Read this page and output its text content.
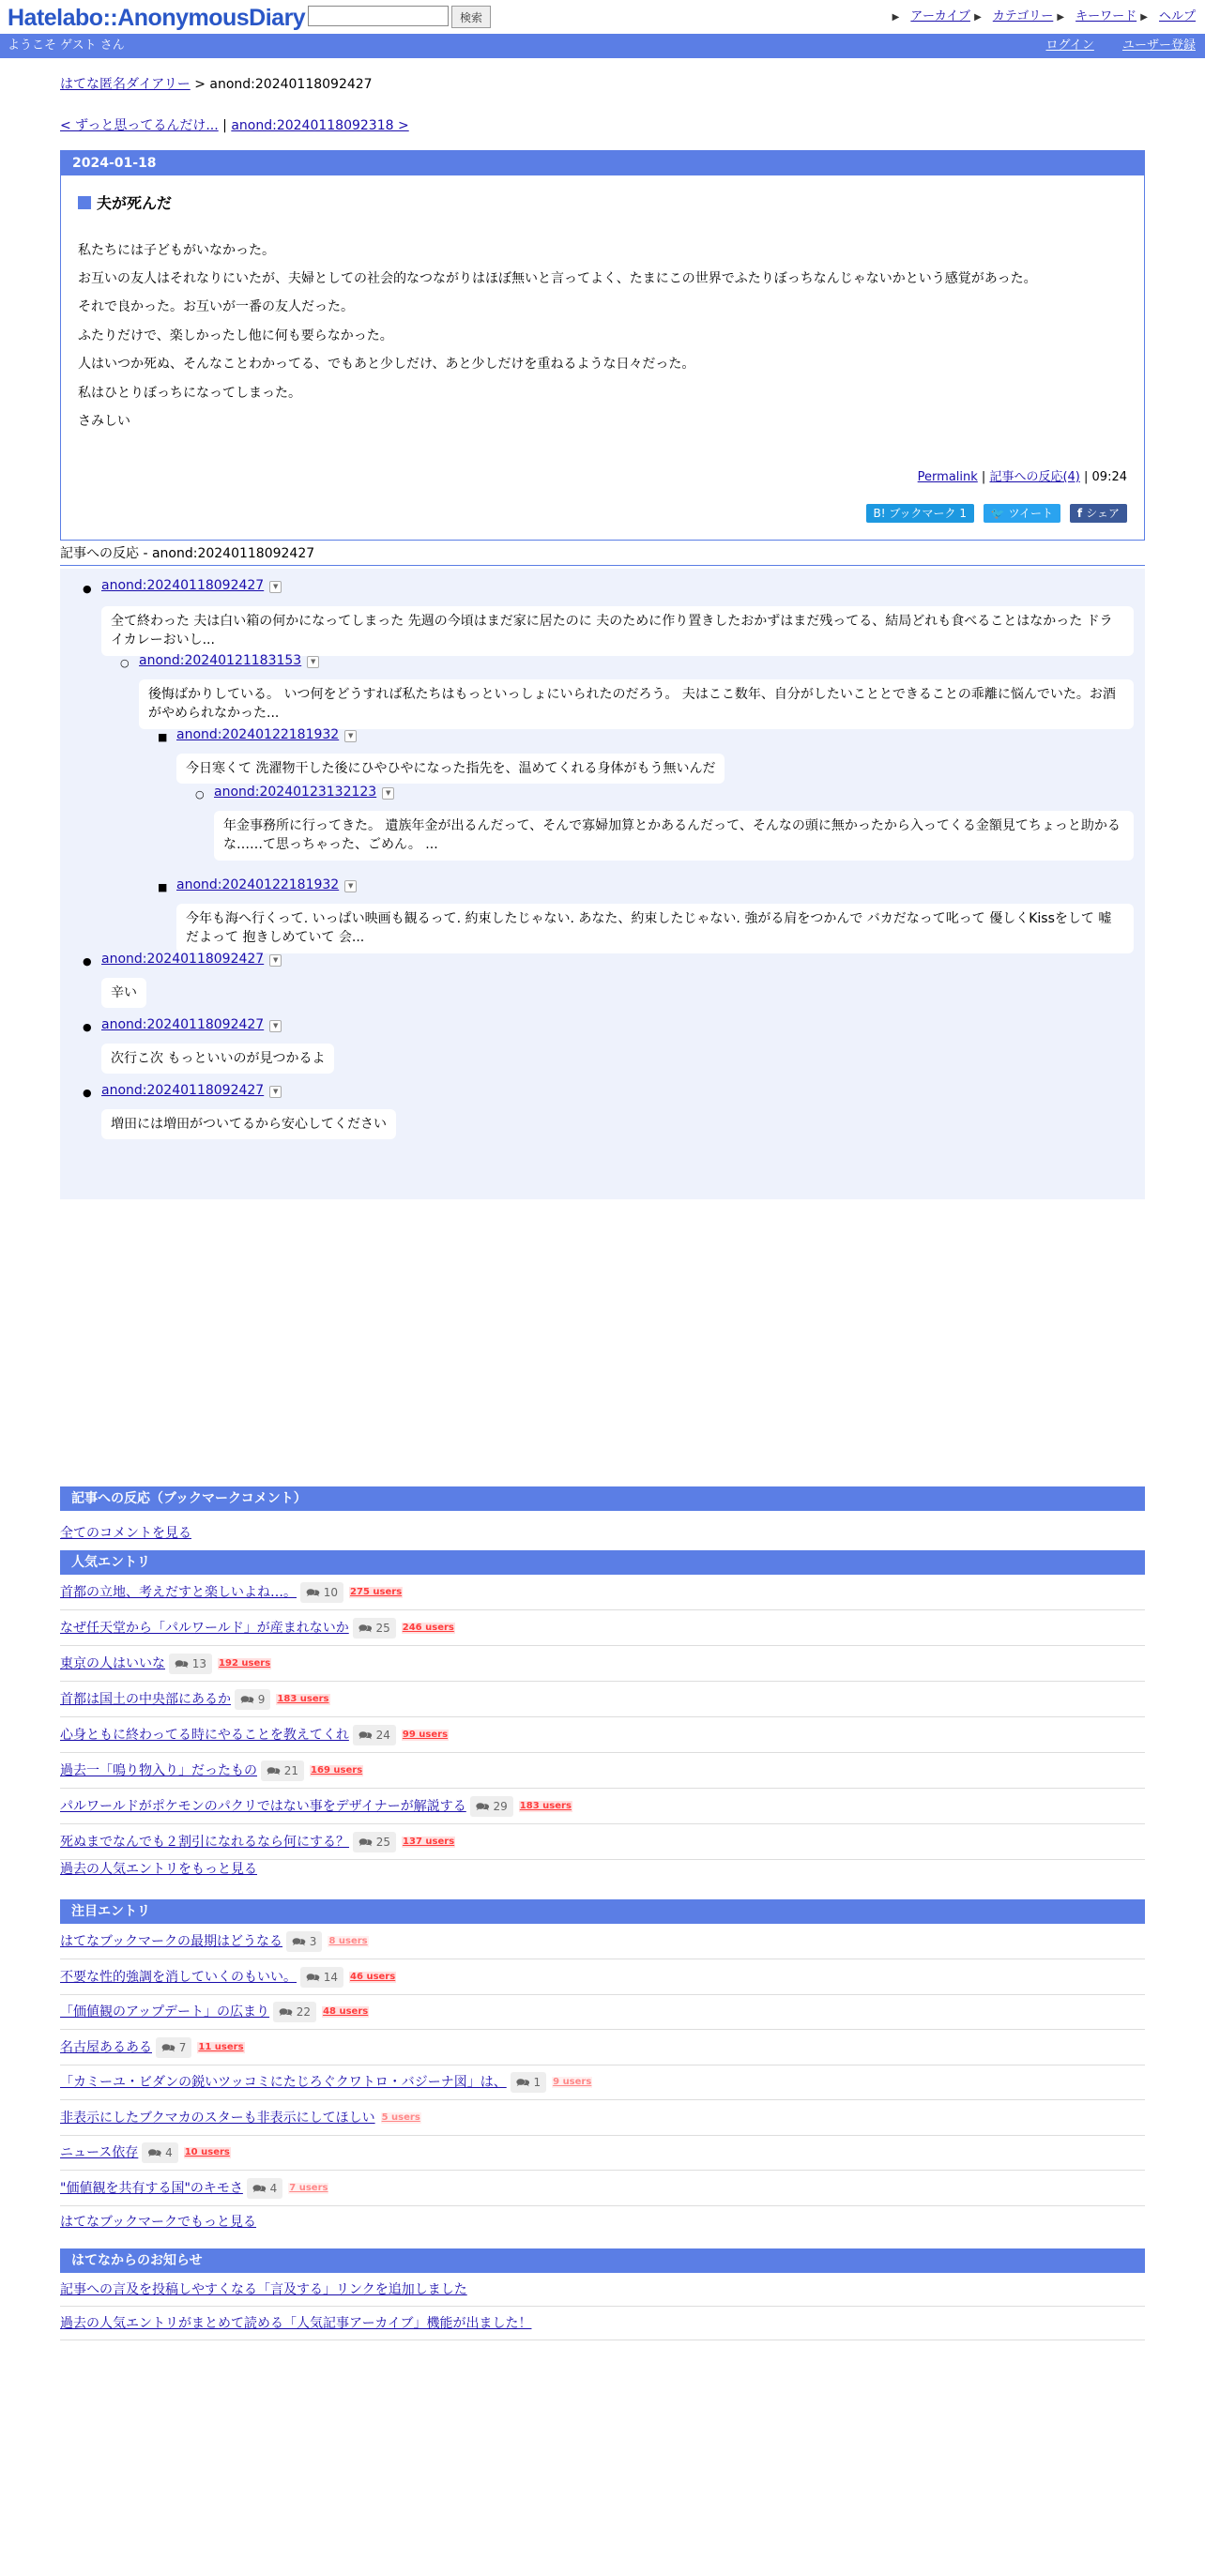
Hatelabo::AnonymousDiary	検索	▶ アーカイブ ▶ カテゴリー ▶ キーワード ▶ ヘルプ
ようこそ ゲスト さん	ログイン ユーザー登録
はてな匿名ダイアリー > anond:20240118092427
< ずっと思ってるんだけ... | anond:20240118092318 >
2024-01-18
夫が死んだ

私たちには子どもがいなかった。

お互いの友人はそれなりにいたが、夫婦としての社会的なつながりはほぼ無いと言ってよく、たまにこの世界でふたりぼっちなんじゃないかという感覚があった。

それで良かった。お互いが一番の友人だった。

ふたりだけで、楽しかったし他に何も要らなかった。

人はいつか死ぬ、そんなことわかってる、でもあと少しだけ、あと少しだけを重ねるような日々だった。

私はひとりぼっちになってしまった。

さみしい

Permalink | 記事への反応(4) | 09:24
B! ブックマーク 1 🐦 ツイート f シェア
記事への反応 - anond:20240118092427
● anond:20240118092427 ▼
全て終わった 夫は白い箱の何かになってしまった 先週の今頃はまだ家に居たのに 夫のために作り置きしたおかずはまだ残ってる、結局どれも食べることはなかった ドライカレーおいし...
○ anond:20240121183153 ▼
後悔ばかりしている。 いつ何をどうすれば私たちはもっといっしょにいられたのだろう。 夫はここ数年、自分がしたいこととできることの乖離に悩んでいた。お酒がやめられなかった...
■ anond:20240122181932 ▼
今日寒くて 洗濯物干した後にひやひやになった指先を、温めてくれる身体がもう無いんだ
○ anond:20240123132123 ▼
年金事務所に行ってきた。 遺族年金が出るんだって、そんで寡婦加算とかあるんだって、そんなの頭に無かったから入ってくる金額見てちょっと助かるな……て思っちゃった、ごめん。 ...
■ anond:20240122181932 ▼
今年も海へ行くって. いっぱい映画も観るって. 約束したじゃない. あなた、約束したじゃない. 強がる肩をつかんで バカだなって叱って 優しくKissをして 嘘だよって 抱きしめていて 会...
● anond:20240118092427 ▼
辛い
● anond:20240118092427 ▼
次行こ次 もっといいのが見つかるよ
● anond:20240118092427 ▼
増田には増田がついてるから安心してください
記事への反応（ブックマークコメント）
全てのコメントを見る
人気エントリ
首都の立地、考えだすと楽しいよね…。 🗪 10 275 users
なぜ任天堂から「パルワールド」が産まれないか 🗪 25 246 users
東京の人はいいな 🗪 13 192 users
首都は国土の中央部にあるか 🗪 9 183 users
心身ともに終わってる時にやることを教えてくれ 🗪 24 99 users
過去一「鳴り物入り」だったもの 🗪 21 169 users
パルワールドがポケモンのパクリではない事をデザイナーが解説する 🗪 29 183 users
死ぬまでなんでも２割引になれるなら何にする？ 🗪 25 137 users
過去の人気エントリをもっと見る
注目エントリ
はてなブックマークの最期はどうなる 🗪 3 8 users
不要な性的強調を消していくのもいい。 🗪 14 46 users
「価値観のアップデート」の広まり 🗪 22 48 users
名古屋あるある 🗪 7 11 users
「カミーユ・ビダンの鋭いツッコミにたじろぐクワトロ・バジーナ図」は、 🗪 1 9 users
非表示にしたブクマカのスターも非表示にしてほしい 5 users
ニュース依存 🗪 4 10 users
"価値観を共有する国"のキモさ 🗪 4 7 users
はてなブックマークでもっと見る
はてなからのお知らせ
記事への言及を投稿しやすくなる「言及する」リンクを追加しました
過去の人気エントリがまとめて読める「人気記事アーカイブ」機能が出ました！
